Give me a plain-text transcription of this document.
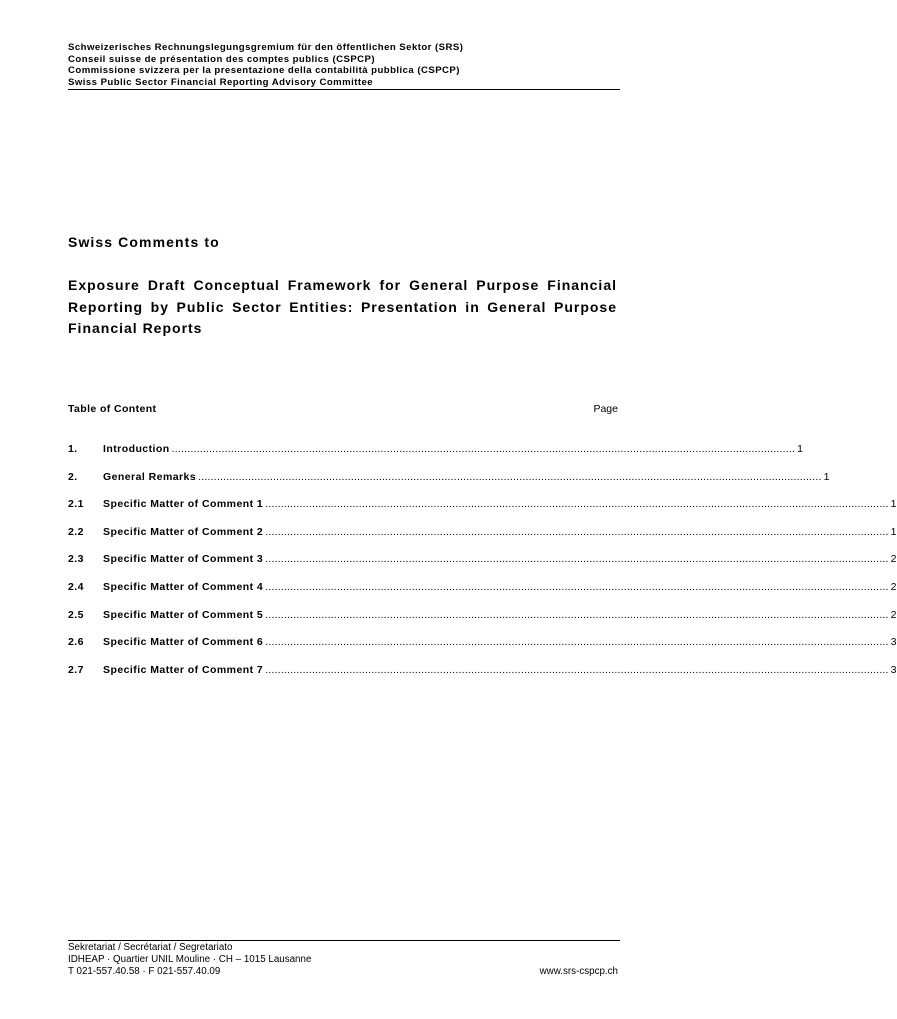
Schweizerisches Rechnungslegungsgremium für den öffentlichen Sektor (SRS)
Conseil suisse de présentation des comptes publics (CSPCP)
Commissione svizzera per la presentazione della contabilità pubblica (CSPCP)
Swiss Public Sector Financial Reporting Advisory Committee
Swiss Comments to
Exposure Draft Conceptual Framework for General Purpose Financial Reporting by Public Sector Entities: Presentation in General Purpose Financial Reports
Table of Content	Page
1.	Introduction ........................................................................................................................................................................................................ 1
2.	General Remarks ........................................................................................................................................................................................................ 1
2.1	Specific Matter of Comment 1 ........................................................................................................................................................................................................ 1
2.2	Specific Matter of Comment 2 ........................................................................................................................................................................................................ 1
2.3	Specific Matter of Comment 3 ........................................................................................................................................................................................................ 2
2.4	Specific Matter of Comment 4 ........................................................................................................................................................................................................ 2
2.5	Specific Matter of Comment 5 ........................................................................................................................................................................................................ 2
2.6	Specific Matter of Comment 6 ........................................................................................................................................................................................................ 3
2.7	Specific Matter of Comment 7 ........................................................................................................................................................................................................ 3
Sekretariat / Secrétariat / Segretariato
IDHEAP · Quartier UNIL Mouline · CH – 1015 Lausanne
T 021-557.40.58 · F 021-557.40.09	www.srs-cspcp.ch
